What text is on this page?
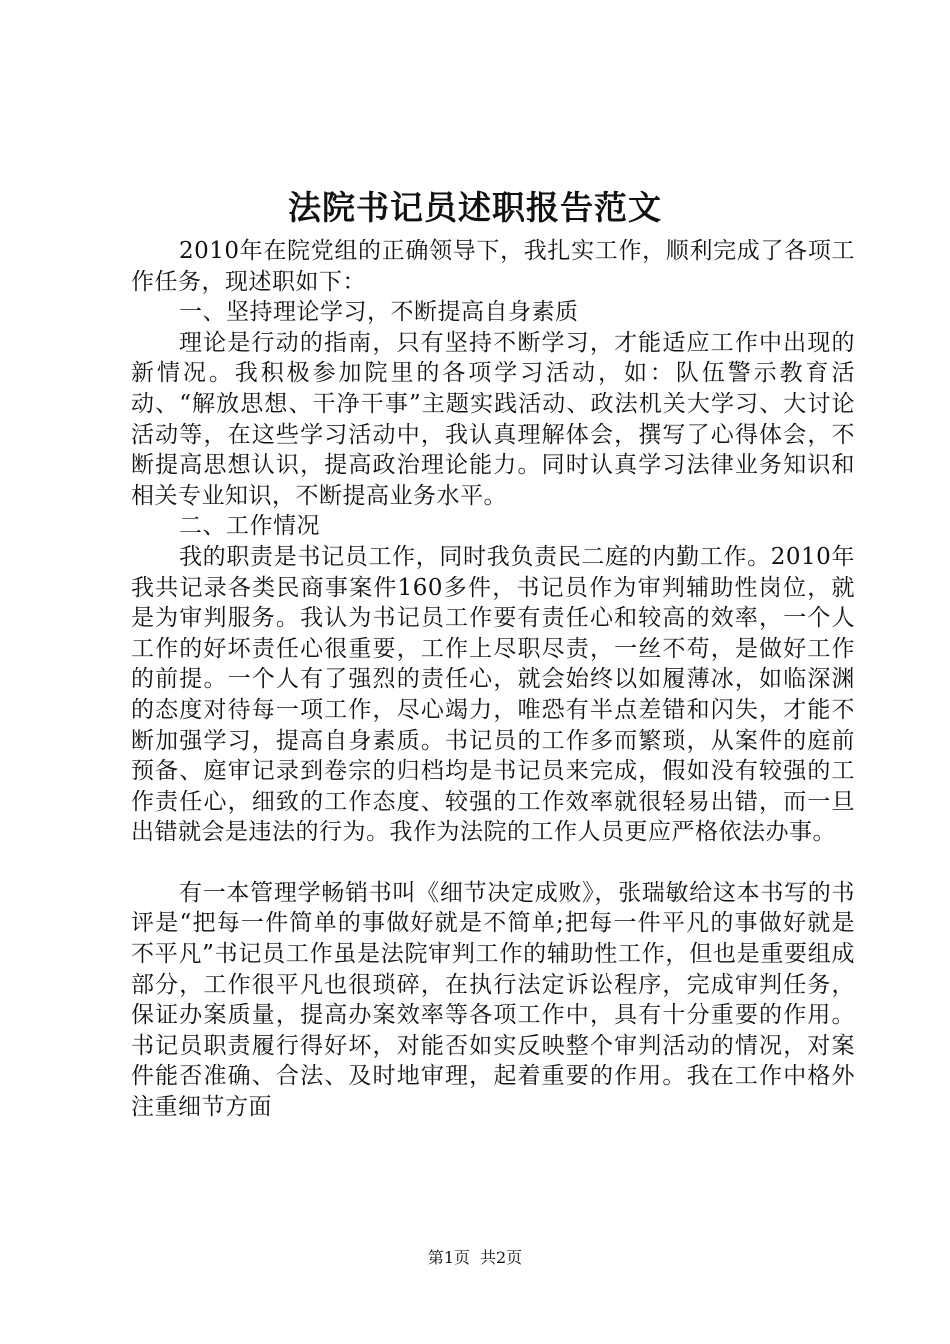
法院书记员述职报告范文

2010年在院党组的正确领导下，我扎实工作，顺利完成了各项工作任务，现述职如下：

一、坚持理论学习，不断提高自身素质

理论是行动的指南，只有坚持不断学习，才能适应工作中出现的新情况。我积极参加院里的各项学习活动，如：队伍警示教育活动、“解放思想、干净干事”主题实践活动、政法机关大学习、大讨论活动等，在这些学习活动中，我认真理解体会，撰写了心得体会，不断提高思想认识，提高政治理论能力。同时认真学习法律业务知识和相关专业知识，不断提高业务水平。

二、工作情况

我的职责是书记员工作，同时我负责民二庭的内勤工作。2010年我共记录各类民商事案件160多件，书记员作为审判辅助性岗位，就是为审判服务。我认为书记员工作要有责任心和较高的效率，一个人工作的好坏责任心很重要，工作上尽职尽责，一丝不苟，是做好工作的前提。一个人有了强烈的责任心，就会始终以如履薄冰，如临深渊的态度对待每一项工作，尽心竭力，唯恐有半点差错和闪失，才能不断加强学习，提高自身素质。书记员的工作多而繁琐，从案件的庭前预备、庭审记录到卷宗的归档均是书记员来完成，假如没有较强的工作责任心，细致的工作态度、较强的工作效率就很轻易出错，而一旦出错就会是违法的行为。我作为法院的工作人员更应严格依法办事。

有一本管理学畅销书叫《细节决定成败》，张瑞敏给这本书写的书评是“把每一件简单的事做好就是不简单;把每一件平凡的事做好就是不平凡”书记员工作虽是法院审判工作的辅助性工作，但也是重要组成部分，工作很平凡也很琐碎，在执行法定诉讼程序，完成审判任务，保证办案质量，提高办案效率等各项工作中，具有十分重要的作用。书记员职责履行得好坏，对能否如实反映整个审判活动的情况，对案件能否准确、合法、及时地审理，起着重要的作用。我在工作中格外注重细节方面

第1页 共2页
